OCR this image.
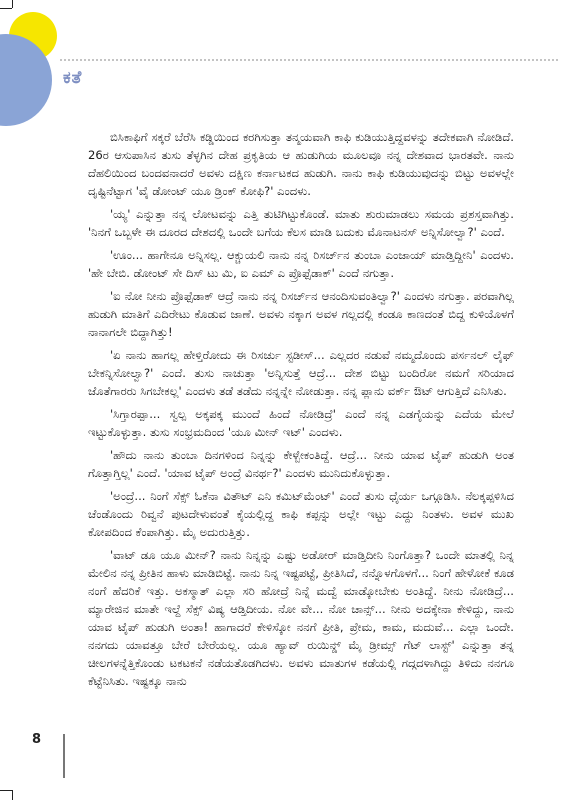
ಕತೆ

ಬಿಸಿಕಾಫಿಗೆ ಸಕ್ಕರೆ ಬೆರೆಸಿ ಕಡ್ಡಿಯಿಂದ ಕರಗಿಸುತ್ತಾ ತನ್ಮಯವಾಗಿ ಕಾಫಿ ಕುಡಿಯುತ್ತಿದ್ದವಳನ್ನು ತದೇಕವಾಗಿ ನೋಡಿದೆ. 26ರ ಆಸುಪಾಸಿನ ತುಸು ತೆಳ್ಳಗಿನ ದೇಹ ಪ್ರಕೃತಿಯ ಆ ಹುಡುಗಿಯ ಮೂಲವೂ ನನ್ನ ದೇಶವಾದ ಭಾರತವೇ. ನಾನು ದೆಹಲಿಯಿಂದ ಬಂದವನಾದರೆ ಅವಳು ದಕ್ಷಿಣ ಕರ್ನಾಟಕದ ಹುಡುಗಿ. ನಾನು ಕಾಫಿ ಕುಡಿಯುವುದನ್ನು ಬಿಟ್ಟು ಅವಳಲ್ಲೇ ದೃಷ್ಟಿನೆಟ್ಟಾಗ 'ವೈ ಡೋಂಟ್ ಯೂ ಡ್ರಿಂಕ್ ಕೋಫಿ?' ಎಂದಳು.

'ಯ್ಯ' ಎನ್ನುತ್ತಾ ನನ್ನ ಲೋಟವನ್ನು ಎತ್ತಿ ತುಟಿಗಿಟ್ಟುಕೊಂಡೆ. ಮಾತು ಶುರುಮಾಡಲು ಸಮಯ ಪ್ರಶಸ್ತವಾಗಿತ್ತು. 'ನಿನಗೆ ಒಬ್ಬಳೇ ಈ ದೂರದ ದೇಶದಲ್ಲಿ ಒಂದೇ ಬಗೆಯ ಕೆಲಸ ಮಾಡಿ ಬದುಕು ಮೊನಾಟನಸ್ ಅನ್ನಿಸೋಲ್ವಾ?' ಎಂದೆ.

'ಊಂ... ಹಾಗೇನೂ ಅನ್ನಿಸಲ್ಲ. ಆಕ್ಚುಯಲಿ ನಾನು ನನ್ನ ರಿಸರ್ಚ್‌ನ ತುಂಬಾ ಎಂಜಾಯ್ ಮಾಡ್ತಿದ್ದೀನಿ' ಎಂದಳು. 'ಹೇ ಬೇಬಿ. ಡೋಂಟ್ ಸೇ ದಿಸ್ ಟು ಮಿ, ಐ ಎಮ್ ಎ ಪ್ರೊಫ್ಸೆಡಾಕ್' ಎಂದೆ ನಗುತ್ತಾ.

'ಐ ನೋ ನೀನು ಪ್ರೊಫ್ಸೆಡಾಕ್ ಆದ್ರೆ ನಾನು ನನ್ನ ರಿಸರ್ಚ್‌ನ ಆನಂದಿಸುವಂತಿಲ್ವಾ?' ಎಂದಳು ನಗುತ್ತಾ. ಪರವಾಗಿಲ್ಲ ಹುಡುಗಿ ಮಾತಿಗೆ ಎದಿರೇಟು ಕೊಡುವ ಜಾಣೆ. ಅವಳು ನಕ್ಕಾಗ ಅವಳ ಗಲ್ಲದಲ್ಲಿ ಕಂಡೂ ಕಾಣದಂತೆ ಬಿದ್ದ ಕುಳಿಯೊಳಗೆ ನಾನಾಗಲೇ ಬಿದ್ದಾಗಿತ್ತು!

'ಏ ನಾನು ಹಾಗಲ್ಲ ಹೇಳ್ತಿರೋದು ಈ ರಿಸರ್ಚು ಸ್ಟಡೀಸ್... ಎಲ್ಲದರ ನಡುವೆ ನಮ್ಮದೊಂದು ಪರ್ಸನಲ್ ಲೈಫ್ ಬೇಕನ್ನಿಸೋಲ್ವಾ?' ಎಂದೆ. ತುಸು ನಾಚುತ್ತಾ 'ಅನ್ನಿಸುತ್ತೆ ಆದ್ರೆ... ದೇಶ ಬಿಟ್ಟು ಬಂದಿರೋ ನಮಗೆ ಸರಿಯಾದ ಜೊತೆಗಾರರು ಸಿಗಬೇಕಲ್ಲ' ಎಂದಳು ತಡೆ ತಡೆದು ನನ್ನನ್ನೇ ನೋಡುತ್ತಾ. ನನ್ನ ಪ್ಲಾನು ವರ್ಕ್ ಔಟ್ ಆಗುತ್ತಿದೆ ಎನಿಸಿತು.

'ಸಿಗ್ತಾರಪ್ಪಾ... ಸ್ವಲ್ಪ ಅಕ್ಕಪಕ್ಕ ಮುಂದೆ ಹಿಂದೆ ನೋಡಿದ್ರೆ' ಎಂದೆ ನನ್ನ ಎಡಗೈಯನ್ನು ಎದೆಯ ಮೇಲೆ ಇಟ್ಟುಕೊಳ್ಳುತ್ತಾ. ತುಸು ಸಂಭ್ರಮದಿಂದ 'ಯೂ ಮೀನ್ ಇಟ್' ಎಂದಳು.

'ಹೌದು ನಾನು ತುಂಬಾ ದಿನಗಳಿಂದ ನಿನ್ನನ್ನು ಕೇಳ್ಬೇಕಂತಿದ್ದೆ. ಆದ್ರೆ... ನೀನು ಯಾವ ಟೈಪ್ ಹುಡುಗಿ ಅಂತ ಗೊತ್ತಾಗ್ತಿಲ್ಲ' ಎಂದೆ. 'ಯಾವ ಟೈಪ್ ಅಂದ್ರೆ ವಿನರ್ಥ?' ಎಂದಳು ಮುನಿದುಕೊಳ್ಳುತ್ತಾ.

'ಅಂದ್ರೆ... ನಿಂಗೆ ಸೆಕ್ಸ್ ಓಕೆನಾ ವಿತೌಟ್ ಎನಿ ಕಮಿಟ್‌ಮೆಂಟ್' ಎಂದೆ ತುಸು ಧೈರ್ಯ ಒಗ್ಗೂಡಿಸಿ. ನೆಲಕ್ಕಪ್ಪಳಿಸಿದ ಚೆಂಡೊಂದು ರಿವ್ವನೆ ಪುಟದೇಳುವಂತೆ ಕೈಯಲ್ಲಿದ್ದ ಕಾಫಿ ಕಪ್ಪನ್ನು ಅಲ್ಲೇ ಇಟ್ಟು ಎದ್ದು ನಿಂತಳು. ಅವಳ ಮುಖ ಕೋಪದಿಂದ ಕೆಂಪಾಗಿತ್ತು. ಮೈ ಅದುರುತ್ತಿತ್ತು.

'ವಾಟ್ ಡೂ ಯೂ ಮೀನ್? ನಾನು ನಿನ್ನನ್ನು ಎಷ್ಟು ಅಡೋರ್ ಮಾಡ್ತಿದೀನಿ ನಿಂಗೊತ್ತಾ? ಒಂದೇ ಮಾತಲ್ಲಿ ನಿನ್ನ ಮೇಲಿನ ನನ್ನ ಪ್ರೀತಿನ ಹಾಳು ಮಾಡಿಬಿಟ್ಟೆ. ನಾನು ನಿನ್ನ ಇಷ್ಟಪಟ್ಟೆ, ಪ್ರೀತಿಸಿದೆ, ನನ್ನೊಳಗೊಳಗೆ... ನಿಂಗೆ ಹೇಳೋಕೆ ಕೂಡ ನಂಗೆ ಹೆದರಿಕೆ ಇತ್ತು. ಅಕಸ್ಮಾತ್ ಎಲ್ಲಾ ಸರಿ ಹೋದ್ರೆ ನಿನ್ನೆ ಮದ್ವೆ ಮಾಡ್ಕೋಬೇಕು ಅಂತಿದ್ದೆ. ನೀನು ನೋಡಿದ್ರೆ... ಮ್ಯಾರೇಜಿನ ಮಾತೇ ಇಲ್ದೆ ಸೆಕ್ಸ್ ವಿಷ್ಯ ಆಡ್ತಿದೀಯ. ನೋ ವೇ... ನೋ ಚಾನ್ಸ್... ನೀನು ಅದಕ್ಕೇನಾ ಕೇಳಿದ್ದು, ನಾನು ಯಾವ ಟೈಪ್ ಹುಡುಗಿ ಅಂತಾ! ಹಾಗಾದರೆ ಕೇಳಿಸ್ಕೋ ನನಗೆ ಪ್ರೀತಿ, ಪ್ರೇಮ, ಕಾಮ, ಮದುವೆ... ಎಲ್ಲಾ ಒಂದೇ. ನನಗದು ಯಾವತ್ತೂ ಬೇರೆ ಬೇರೆಯಲ್ಲ. ಯೂ ಹ್ಯಾವ್ ರುಯಿನ್ಡ್ ಮೈ ಡ್ರೀಮ್ಸ್ ಗೆಟ್ ಲಾಸ್ಟ್' ಎನ್ನುತ್ತಾ ತನ್ನ ಚೀಲಗಳನ್ನೆತ್ತಿಕೊಂಡು ಟಕಟಕನೆ ನಡೆಯತೊಡಗಿದಳು. ಅವಳು ಮಾತುಗಳ ಕಡೆಯಲ್ಲಿ ಗದ್ಗದಳಾಗಿದ್ದು ತಿಳಿದು ನನಗೂ ಕೆಟ್ಟೆನಿಸಿತು. ಇಷ್ಟಕ್ಕೂ ನಾನು

8
